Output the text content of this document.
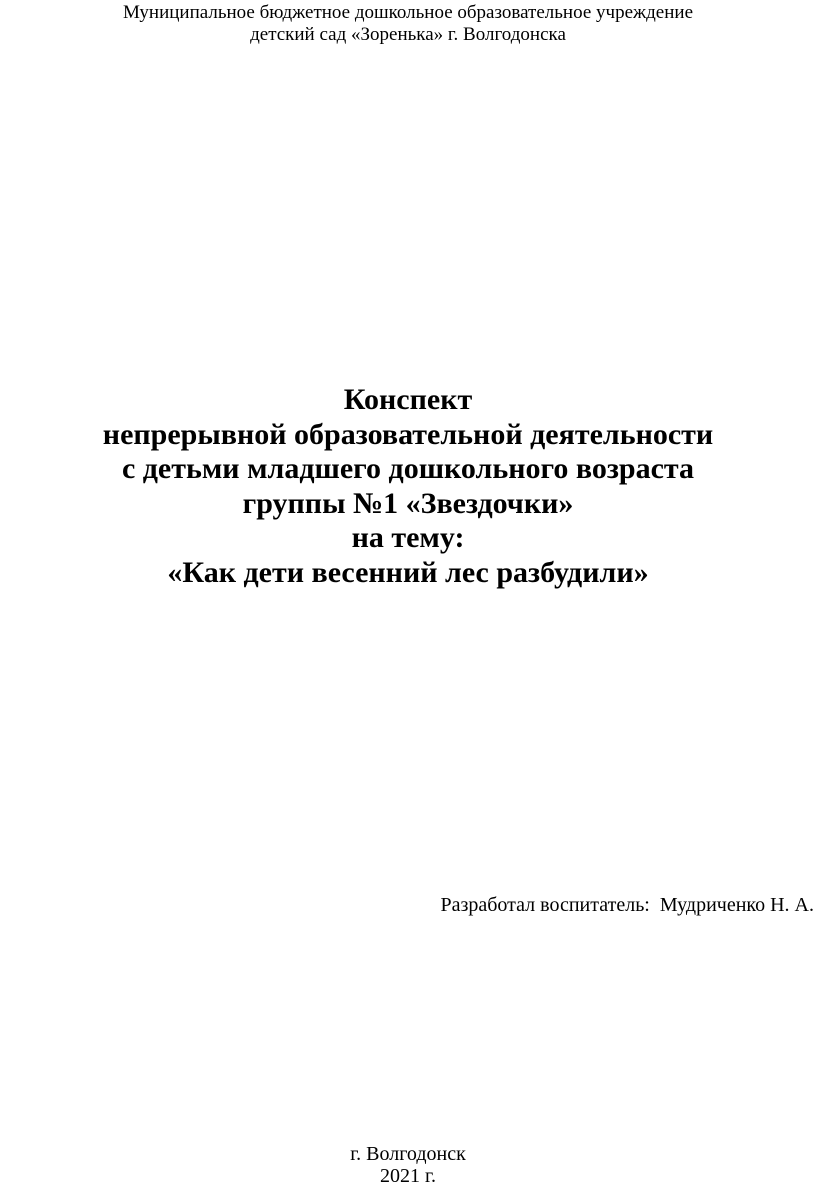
Муниципальное бюджетное дошкольное образовательное учреждение
детский сад «Зоренька» г. Волгодонска
Конспект
непрерывной образовательной деятельности
с детьми младшего дошкольного возраста
группы №1 «Звездочки»
на тему:
«Как дети весенний лес разбудили»
Разработал воспитатель:  Мудриченко Н. А.
г. Волгодонск
2021 г.
